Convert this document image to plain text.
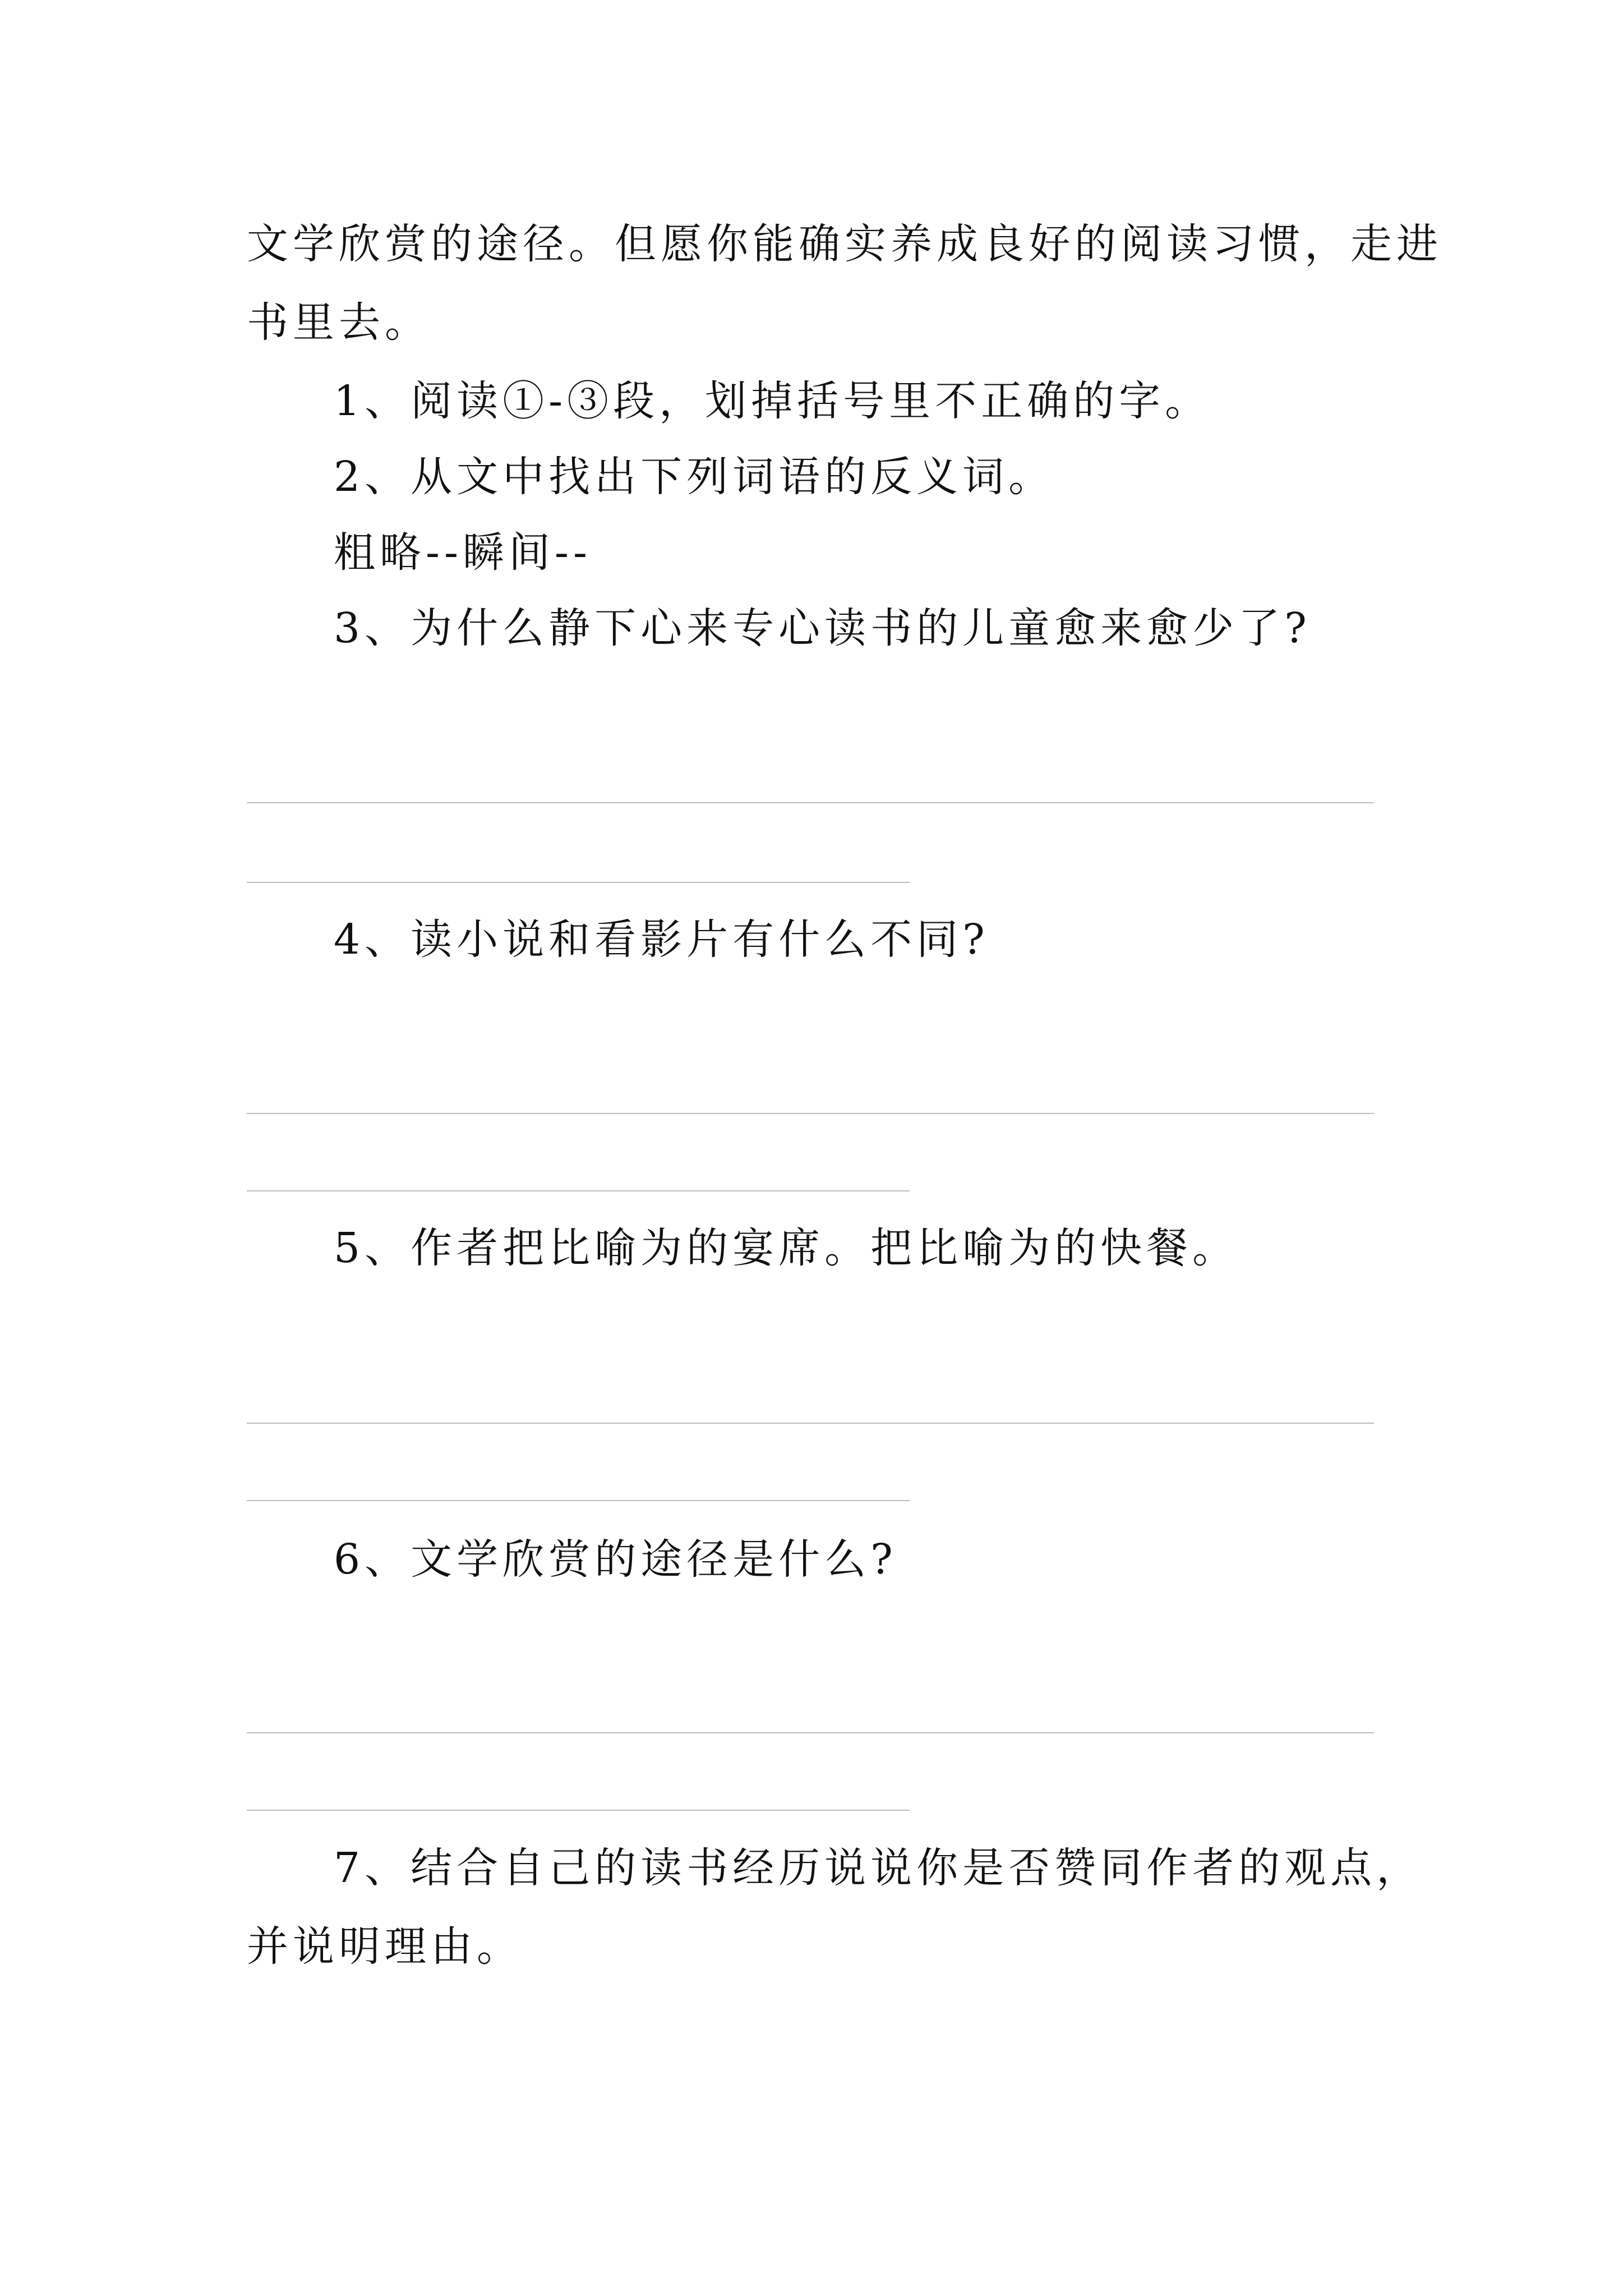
文学欣赏的途径。但愿你能确实养成良好的阅读习惯，走进
书里去。
1、阅读①-③段，划掉括号里不正确的字。
2、从文中找出下列词语的反义词。
粗略--瞬间--
3、为什么静下心来专心读书的儿童愈来愈少了?
4、读小说和看影片有什么不同?
5、作者把比喻为的宴席。把比喻为的快餐。
6、文学欣赏的途径是什么?
7、结合自己的读书经历说说你是否赞同作者的观点，
并说明理由。
